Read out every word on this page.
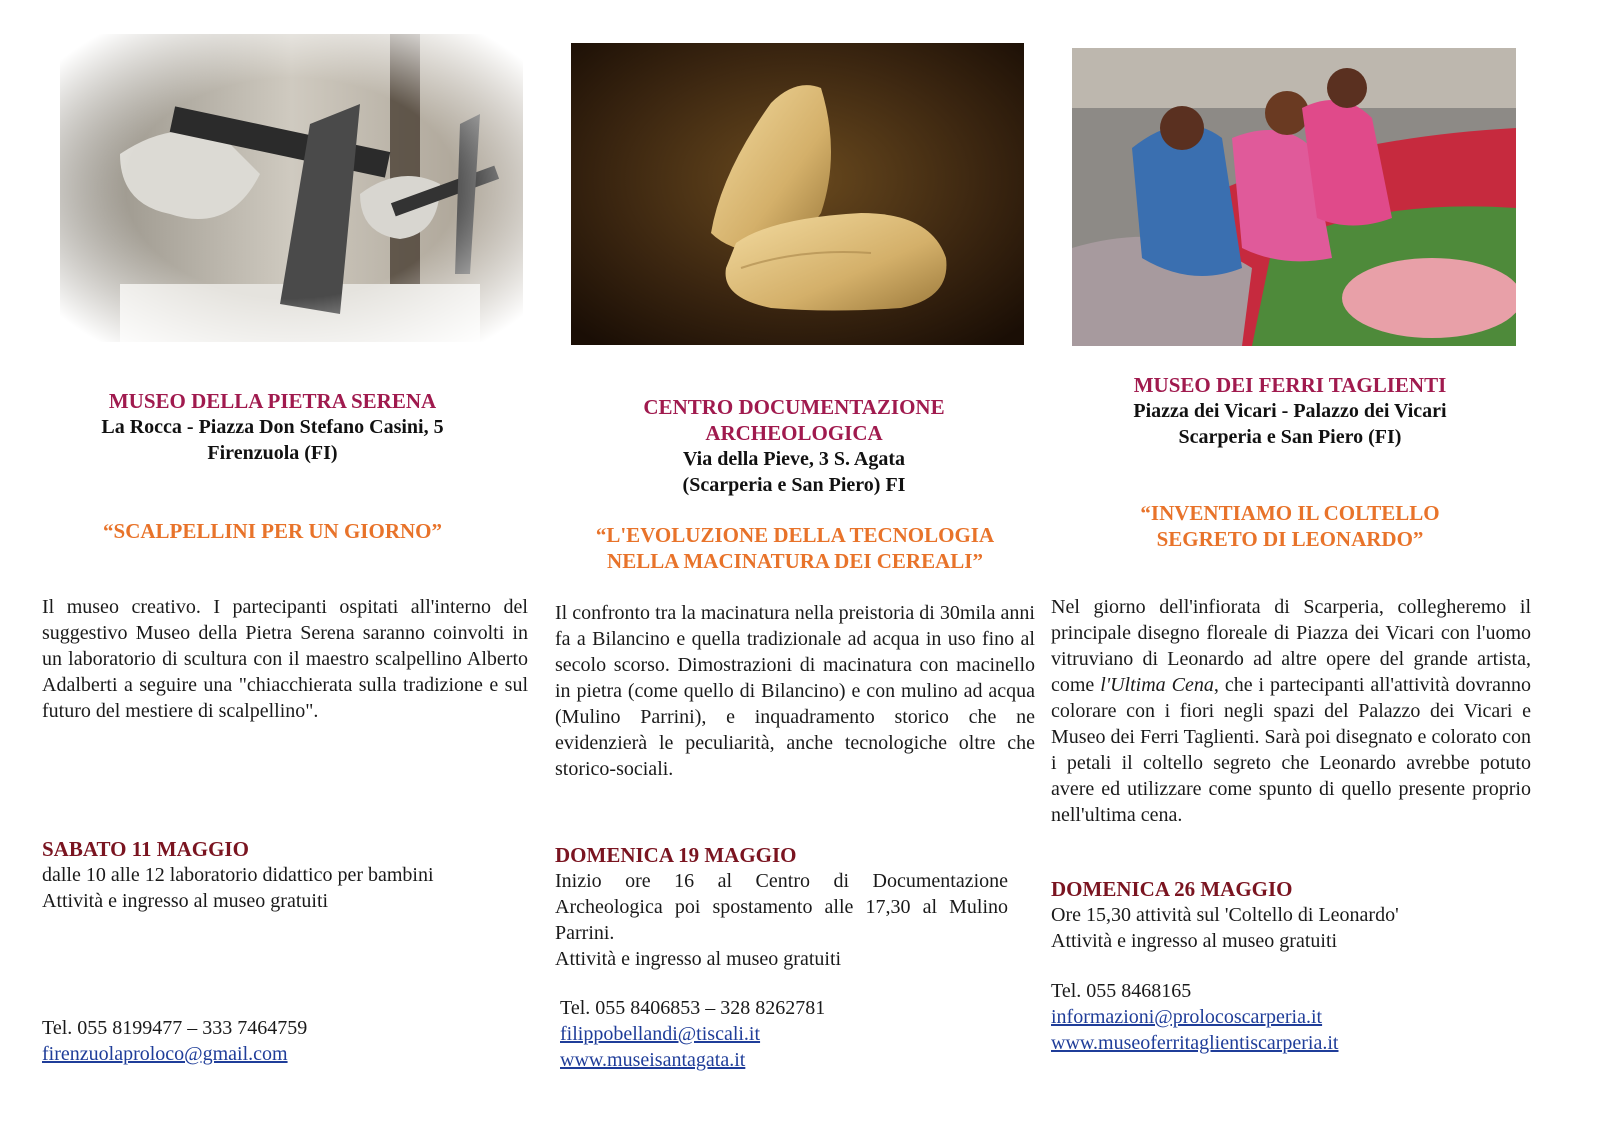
MUSEO DELLA PIETRA SERENA
La Rocca - Piazza Don Stefano Casini, 5
Firenzuola (FI)
“SCALPELLINI PER UN GIORNO”

Il museo creativo. I partecipanti ospitati all'interno del suggestivo Museo della Pietra Serena saranno coinvolti in un laboratorio di scultura con il maestro scalpellino Alberto Adalberti a seguire una "chiacchierata sulla tradizione e sul futuro del mestiere di scalpellino".

SABATO 11 MAGGIO
dalle 10 alle 12 laboratorio didattico per bambini
Attività e ingresso al museo gratuiti
Tel. 055 8199477 – 333 7464759
firenzuolaproloco@gmail.com
CENTRO DOCUMENTAZIONE
ARCHEOLOGICA
Via della Pieve, 3 S. Agata
(Scarperia e San Piero) FI
“L'EVOLUZIONE DELLA TECNOLOGIA
NELLA MACINATURA DEI CEREALI”

Il confronto tra la macinatura nella preistoria di 30mila anni fa a Bilancino e quella tradizionale ad acqua in uso fino al secolo scorso. Dimostrazioni di macinatura con macinello in pietra (come quello di Bilancino) e con mulino ad acqua (Mulino Parrini), e inquadramento storico che ne evidenzierà le peculiarità, anche tecnologiche oltre che storico-sociali.

DOMENICA 19 MAGGIO

Inizio ore 16 al Centro di Documentazione Archeologica poi spostamento alle 17,30 al Mulino Parrini.

Attività e ingresso al museo gratuiti
Tel. 055 8406853 – 328 8262781
filippobellandi@tiscali.it
www.museisantagata.it
MUSEO DEI FERRI TAGLIENTI
Piazza dei Vicari - Palazzo dei Vicari
Scarperia e San Piero (FI)
“INVENTIAMO IL COLTELLO
SEGRETO DI LEONARDO”

Nel giorno dell'infiorata di Scarperia, collegheremo il principale disegno floreale di Piazza dei Vicari con l'uomo vitruviano di Leonardo ad altre opere del grande artista, come l'Ultima Cena, che i partecipanti all'attività dovranno colorare con i fiori negli spazi del Palazzo dei Vicari e Museo dei Ferri Taglienti. Sarà poi disegnato e colorato con i petali il coltello segreto che Leonardo avrebbe potuto avere ed utilizzare come spunto di quello presente proprio nell'ultima cena.

DOMENICA 26 MAGGIO
Ore 15,30 attività sul 'Coltello di Leonardo'
Attività e ingresso al museo gratuiti
Tel. 055 8468165
informazioni@prolocoscarperia.it
www.museoferritaglientiscarperia.it
